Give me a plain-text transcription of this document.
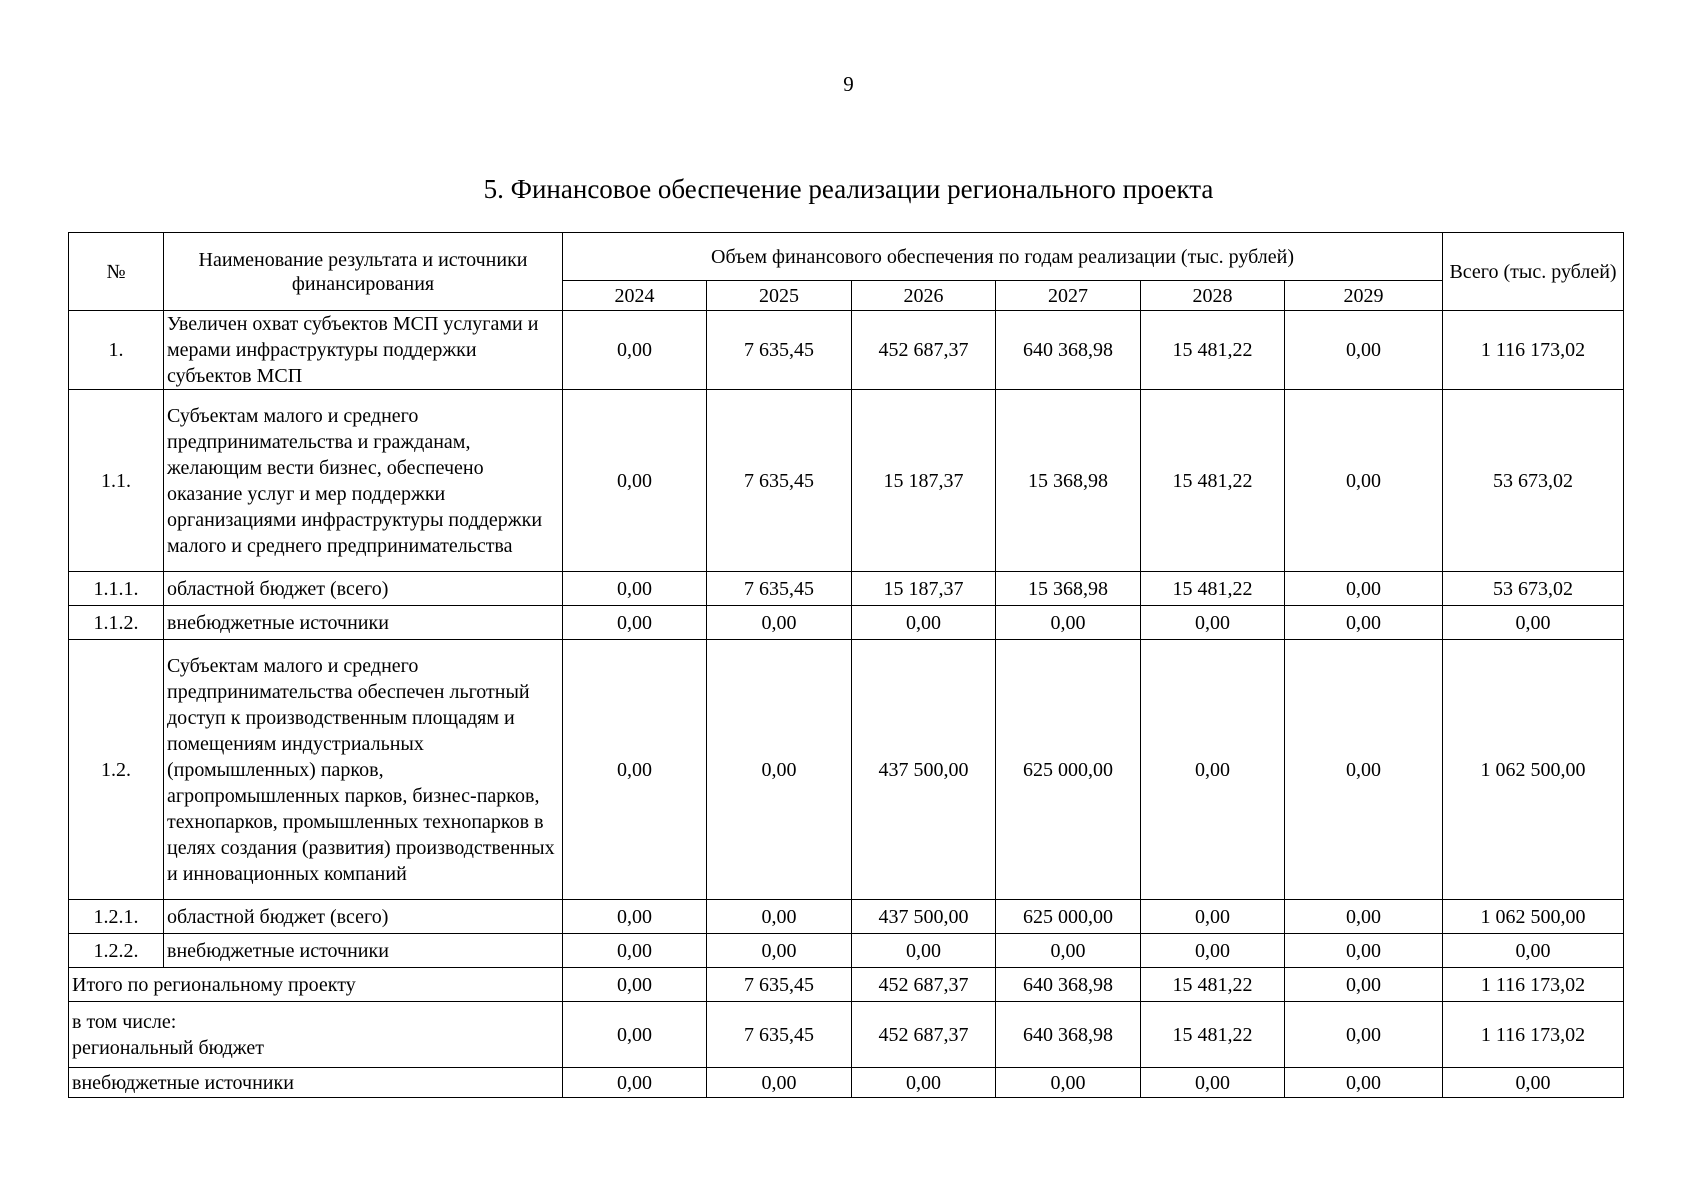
9
5. Финансовое обеспечение реализации регионального проекта
№	Наименование результата и источники финансирования	Объем финансового обеспечения по годам реализации (тыс. рублей)						Всего (тыс. рублей)
		2024	2025	2026	2027	2028	2029	
1.	Увеличен охват субъектов МСП услугами и мерами инфраструктуры поддержки субъектов МСП	0,00	7 635,45	452 687,37	640 368,98	15 481,22	0,00	1 116 173,02
1.1.	Субъектам малого и среднего предпринимательства и гражданам, желающим вести бизнес, обеспечено оказание услуг и мер поддержки организациями инфраструктуры поддержки малого и среднего предпринимательства	0,00	7 635,45	15 187,37	15 368,98	15 481,22	0,00	53 673,02
1.1.1.	областной бюджет (всего)	0,00	7 635,45	15 187,37	15 368,98	15 481,22	0,00	53 673,02
1.1.2.	внебюджетные источники	0,00	0,00	0,00	0,00	0,00	0,00	0,00
1.2.	Субъектам малого и среднего предпринимательства обеспечен льготный доступ к производственным площадям и помещениям индустриальных (промышленных) парков, агропромышленных парков, бизнес-парков, технопарков, промышленных технопарков в целях создания (развития) производственных и инновационных компаний	0,00	0,00	437 500,00	625 000,00	0,00	0,00	1 062 500,00
1.2.1.	областной бюджет (всего)	0,00	0,00	437 500,00	625 000,00	0,00	0,00	1 062 500,00
1.2.2.	внебюджетные источники	0,00	0,00	0,00	0,00	0,00	0,00	0,00
Итого по региональному проекту		0,00	7 635,45	452 687,37	640 368,98	15 481,22	0,00	1 116 173,02

в том числе:
региональный бюджет		0,00	7 635,45	452 687,37	640 368,98	15 481,22	0,00	1 116 173,02
внебюджетные источники		0,00	0,00	0,00	0,00	0,00	0,00	0,00
